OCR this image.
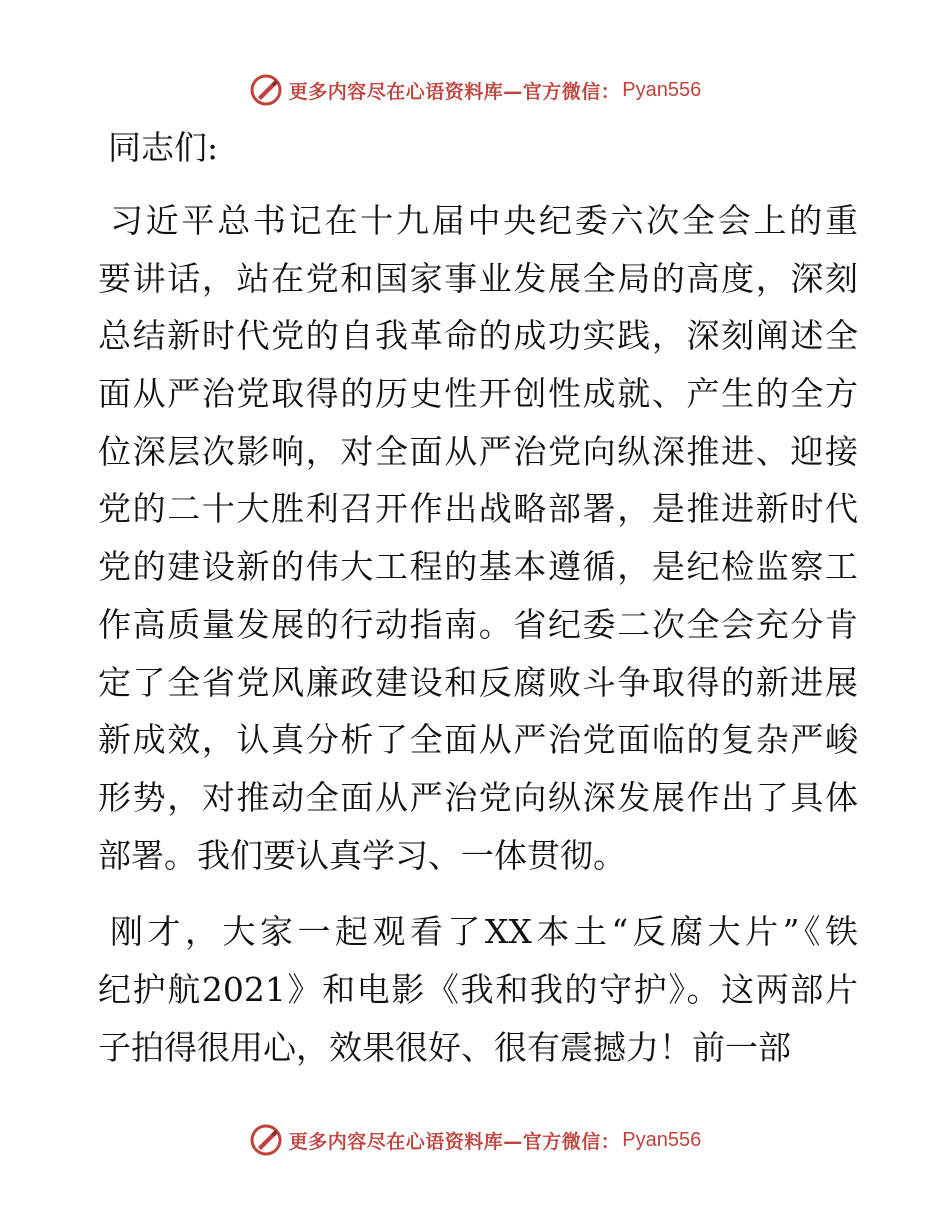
更多内容尽在心语资料库—官方微信： Pyan556
同志们:
习近平总书记在十九届中央纪委六次全会上的重
要讲话，站在党和国家事业发展全局的高度，深刻
总结新时代党的自我革命的成功实践，深刻阐述全
面从严治党取得的历史性开创性成就、产生的全方
位深层次影响，对全面从严治党向纵深推进、迎接
党的二十大胜利召开作出战略部署，是推进新时代
党的建设新的伟大工程的基本遵循，是纪检监察工
作高质量发展的行动指南。省纪委二次全会充分肯
定了全省党风廉政建设和反腐败斗争取得的新进展
新成效，认真分析了全面从严治党面临的复杂严峻
形势，对推动全面从严治党向纵深发展作出了具体
部署。我们要认真学习、一体贯彻。
刚才，大家一起观看了XX本土“反腐大片”《铁
纪护航2021》和电影《我和我的守护》。这两部片
子拍得很用心，效果很好、很有震撼力！前一部
更多内容尽在心语资料库—官方微信： Pyan556
